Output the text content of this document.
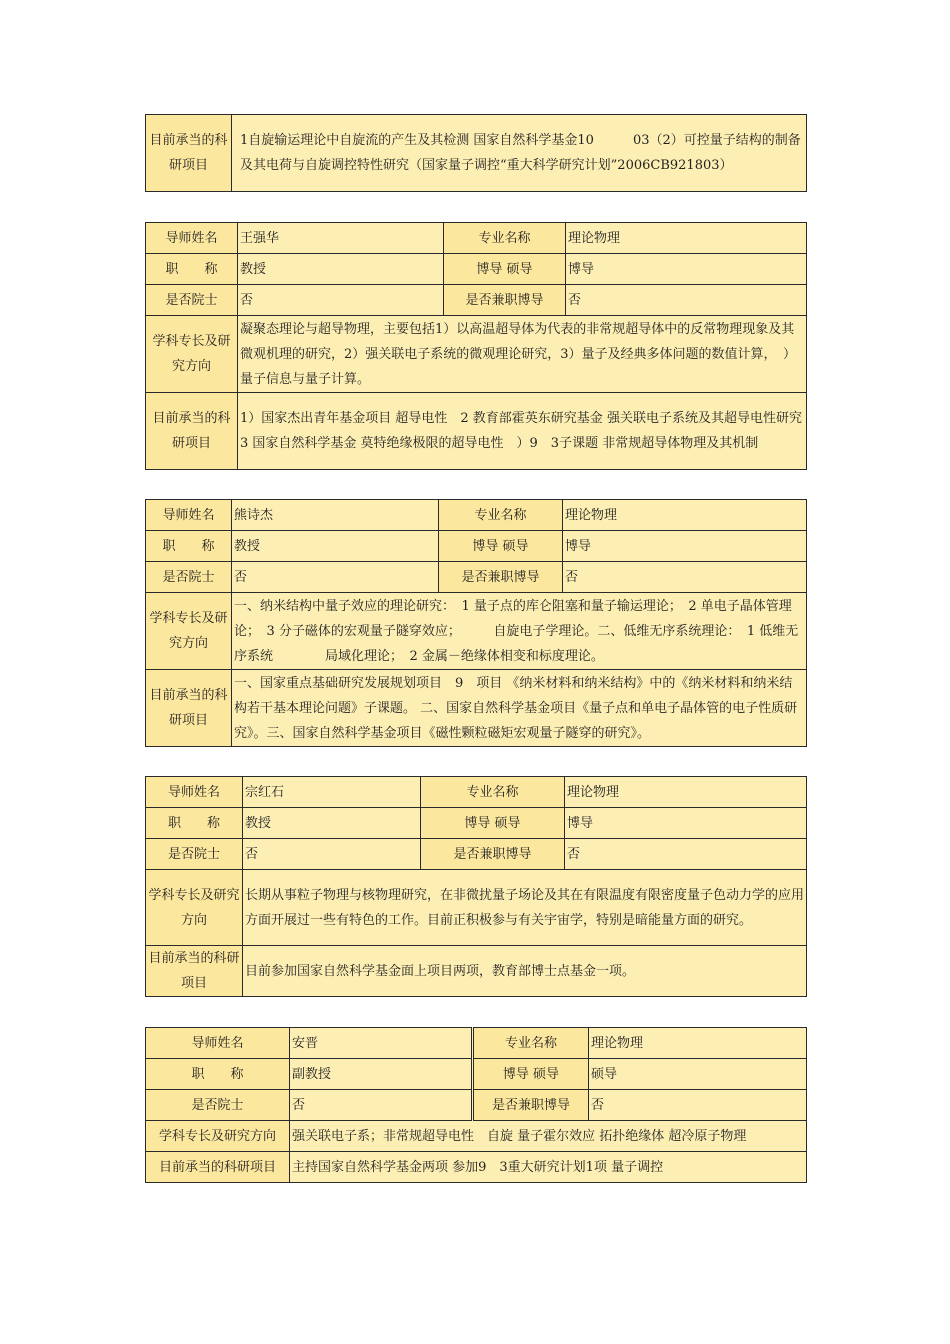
目前承当的科研项目	1自旋输运理论中自旋流的产生及其检测 国家自然科学基金10　　　03（2）可控量子结构的制备及其电荷与自旋调控特性研究（国家量子调控“重大科学研究计划”2006CB921803）
导师姓名	王强华	专业名称	理论物理
职　　称	教授	博导 硕导	博导
是否院士	否	是否兼职博导	否
学科专长及研究方向	凝聚态理论与超导物理，主要包括1）以高温超导体为代表的非常规超导体中的反常物理现象及其微观机理的研究，2）强关联电子系统的微观理论研究，3）量子及经典多体问题的数值计算，　）量子信息与量子计算。		
目前承当的科研项目	1）国家杰出青年基金项目 超导电性　2 教育部霍英东研究基金 强关联电子系统及其超导电性研究　3 国家自然科学基金 莫特绝缘极限的超导电性　）9　3子课题 非常规超导体物理及其机制		
导师姓名	熊诗杰	专业名称	理论物理
职　　称	教授	博导 硕导	博导
是否院士	否	是否兼职博导	否
学科专长及研究方向	一、纳米结构中量子效应的理论研究：　1 量子点的库仑阻塞和量子输运理论；　2 单电子晶体管理论；　3 分子磁体的宏观量子隧穿效应；　　　自旋电子学理论。二、低维无序系统理论：　1 低维无序系统　　　　局域化理论；　2 金属－绝缘体相变和标度理论。		
目前承当的科研项目	一、国家重点基础研究发展规划项目　9　项目 《纳米材料和纳米结构》中的《纳米材料和纳米结构若干基本理论问题》子课题。 二、国家自然科学基金项目《量子点和单电子晶体管的电子性质研究》。三、国家自然科学基金项目《磁性颗粒磁矩宏观量子隧穿的研究》。		
导师姓名	宗红石	专业名称	理论物理
职　　称	教授	博导 硕导	博导
是否院士	否	是否兼职博导	否
学科专长及研究方向	长期从事粒子物理与核物理研究，在非微扰量子场论及其在有限温度有限密度量子色动力学的应用方面开展过一些有特色的工作。目前正积极参与有关宇宙学，特别是暗能量方面的研究。		
目前承当的科研项目	目前参加国家自然科学基金面上项目两项，教育部博士点基金一项。		
导师姓名	安晋	专业名称	理论物理
职　　称	副教授	博导 硕导	硕导
是否院士	否	是否兼职博导	否
学科专长及研究方向	强关联电子系；非常规超导电性　自旋 量子霍尔效应 拓扑绝缘体 超冷原子物理		
目前承当的科研项目	主持国家自然科学基金两项 参加9　3重大研究计划1项 量子调控		
